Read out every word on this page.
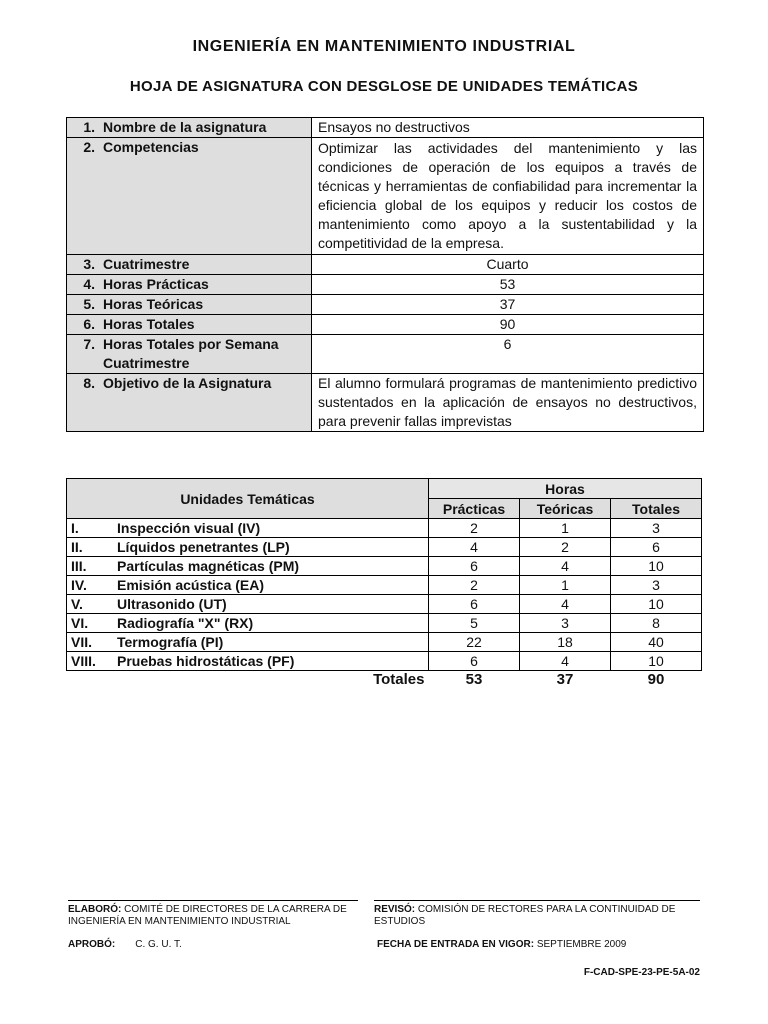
INGENIERÍA EN MANTENIMIENTO INDUSTRIAL
HOJA DE ASIGNATURA CON DESGLOSE DE UNIDADES TEMÁTICAS
1. Nombre de la asignatura	Ensayos no destructivos
2. Competencias	Optimizar las actividades del mantenimiento y las condiciones de operación de los equipos a través de técnicas y herramientas de confiabilidad para incrementar la eficiencia global de los equipos y reducir los costos de mantenimiento como apoyo a la sustentabilidad y la competitividad de la empresa.
3. Cuatrimestre	Cuarto
4. Horas Prácticas	53
5. Horas Teóricas	37
6. Horas Totales	90
7. Horas Totales por Semana
Cuatrimestre	6
8. Objetivo de la Asignatura	El alumno formulará programas de mantenimiento predictivo sustentados en la aplicación de ensayos no destructivos, para prevenir fallas imprevistas
Unidades Temáticas	Horas		
	Prácticas	Teóricas	Totales
I. Inspección visual (IV)	2	1	3
II. Líquidos penetrantes (LP)	4	2	6
III. Partículas magnéticas (PM)	6	4	10
IV. Emisión acústica (EA)	2	1	3
V. Ultrasonido (UT)	6	4	10
VI. Radiografía "X" (RX)	5	3	8
VII. Termografía (PI)	22	18	40
VIII. Pruebas hidrostáticas (PF)	6	4	10
Totales	53	37	90
ELABORÓ: COMITÉ DE DIRECTORES DE LA CARRERA DE INGENIERÍA EN MANTENIMIENTO INDUSTRIAL
REVISÓ: COMISIÓN DE RECTORES PARA LA CONTINUIDAD DE ESTUDIOS
APROBÓ: C. G. U. T.	FECHA DE ENTRADA EN VIGOR: SEPTIEMBRE 2009
F-CAD-SPE-23-PE-5A-02
